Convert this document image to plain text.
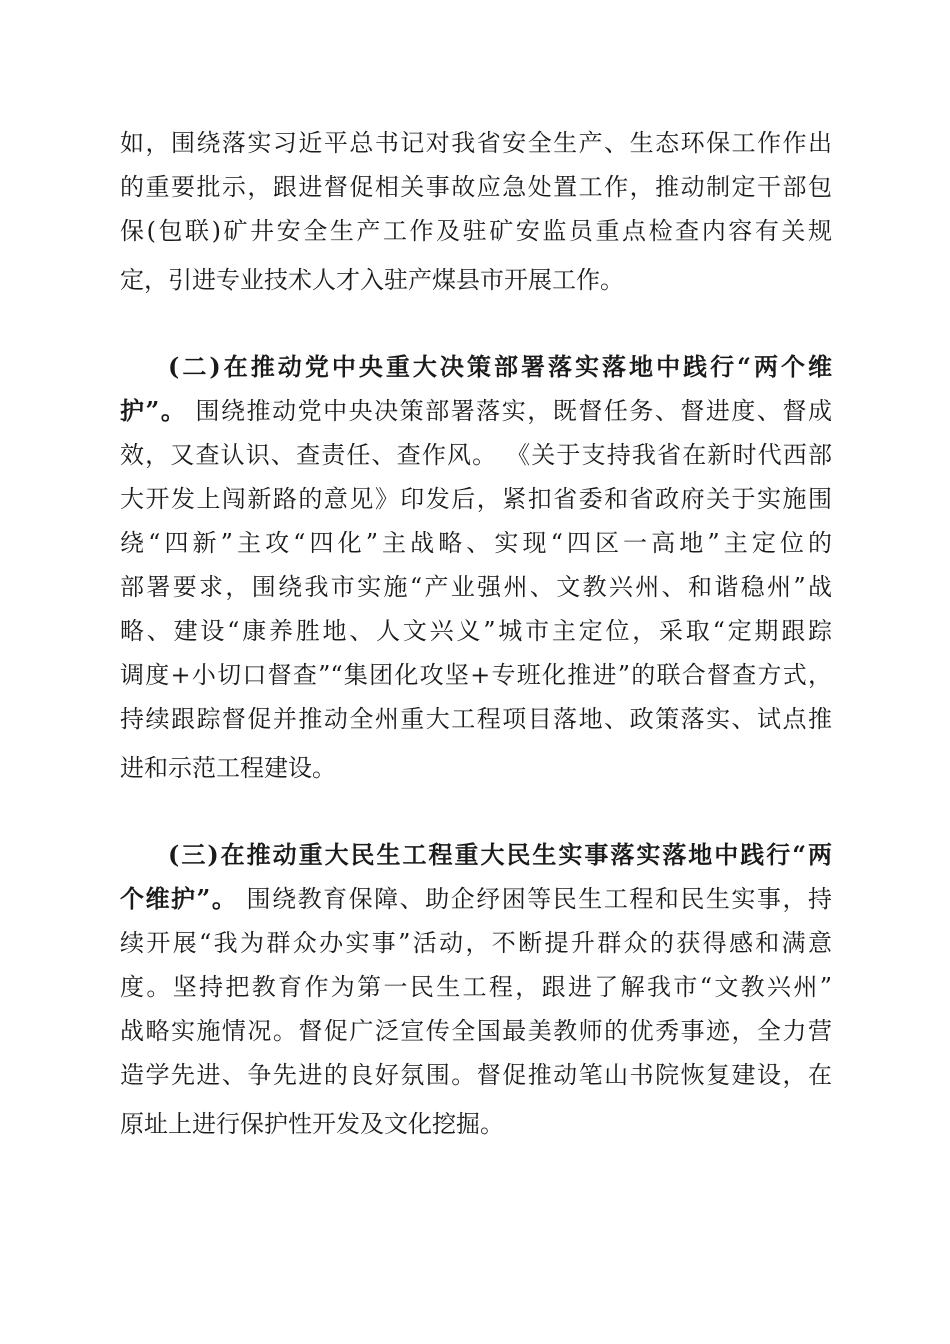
如，围绕落实习近平总书记对我省安全生产、生态环保工作作出
的重要批示，跟进督促相关事故应急处置工作，推动制定干部包
保(包联)矿井安全生产工作及驻矿安监员重点检查内容有关规
定，引进专业技术人才入驻产煤县市开展工作。
(二)在推动党中央重大决策部署落实落地中践行“两个维
护”。 围绕推动党中央决策部署落实，既督任务、督进度、督成
效，又查认识、查责任、查作风。 《关于支持我省在新时代西部
大开发上闯新路的意见》印发后，紧扣省委和省政府关于实施围
绕“四新”主攻“四化”主战略、实现“四区一高地”主定位的
部署要求，围绕我市实施“产业强州、文教兴州、和谐稳州”战
略、建设“康养胜地、人文兴义”城市主定位，采取“定期跟踪
调度+小切口督查”“集团化攻坚+专班化推进”的联合督查方式，
持续跟踪督促并推动全州重大工程项目落地、政策落实、试点推
进和示范工程建设。
(三)在推动重大民生工程重大民生实事落实落地中践行“两
个维护”。 围绕教育保障、助企纾困等民生工程和民生实事，持
续开展“我为群众办实事”活动，不断提升群众的获得感和满意
度。坚持把教育作为第一民生工程，跟进了解我市“文教兴州”
战略实施情况。督促广泛宣传全国最美教师的优秀事迹，全力营
造学先进、争先进的良好氛围。督促推动笔山书院恢复建设，在
原址上进行保护性开发及文化挖掘。
